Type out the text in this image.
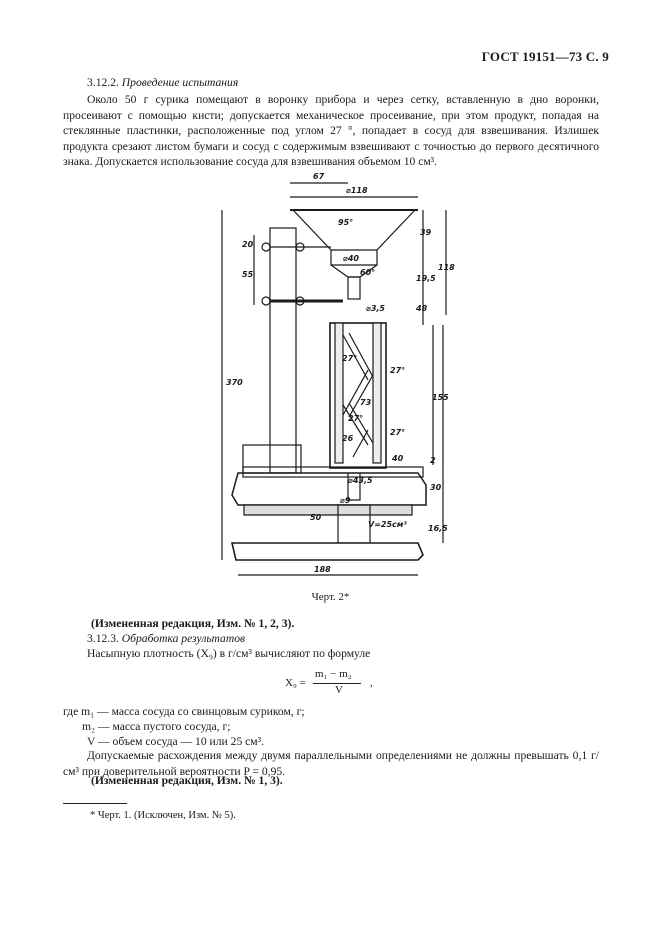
ГОСТ 19151—73 С. 9
3.12.2. Проведение испытания
Около 50 г сурика помещают в воронку прибора и через сетку, вставленную в дно воронки, просеивают с помощью кисти; допускается механическое просеивание, при этом продукт, попадая на стеклянные пластинки, расположенные под углом 27 °, попадает в сосуд для взвешивания. Излишек продукта срезают листом бумаги и сосуд с содержимым взвешивают с точностью до первого десятичного знака. Допускается использование сосуда для взвешивания объемом 10 см³.
67
⌀118
95°
20
55
⌀40
60°
39
118
19,5
48
⌀3,5
27°
27°
27°
27°
73
26
40
155
2
⌀43,5
30
⌀9
50
16,5
V=25см³
370
188
Черт. 2*
(Измененная редакция, Изм. № 1, 2, 3).
3.12.3. Обработка результатов
Насыпную плотность (X₉) в г/см³ вычисляют по формуле
X₉ =
m₁ − m₂
V
,
где m₁ — масса сосуда со свинцовым суриком, г;
m₂ — масса пустого сосуда, г;
V — объем сосуда — 10 или 25 см³.
Допускаемые расхождения между двумя параллельными определениями не должны превышать 0,1 г/см³ при доверительной вероятности P = 0,95.
(Измененная редакция, Изм. № 1, 3).
* Черт. 1. (Исключен, Изм. № 5).
